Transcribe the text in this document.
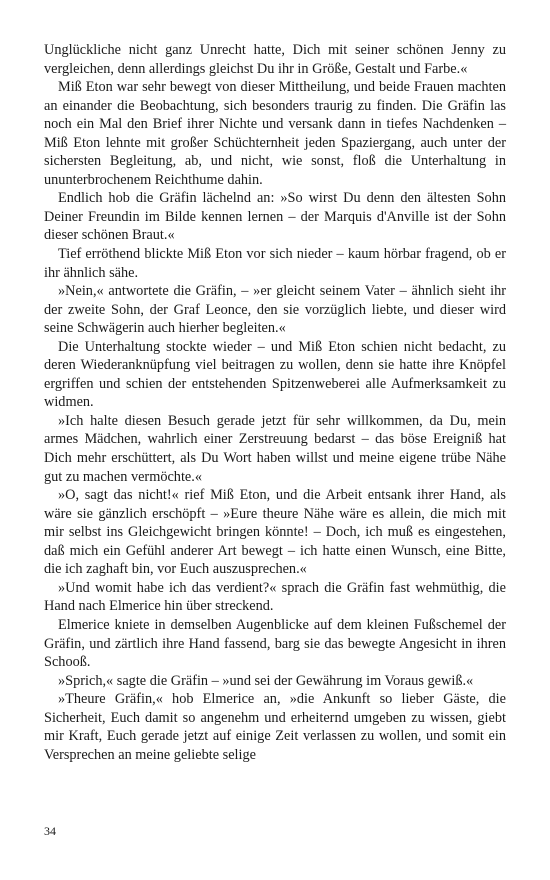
Unglückliche nicht ganz Unrecht hatte, Dich mit seiner schönen Jenny zu vergleichen, denn allerdings gleichst Du ihr in Größe, Gestalt und Farbe.«

Miß Eton war sehr bewegt von dieser Mittheilung, und beide Frauen machten an einander die Beobachtung, sich besonders traurig zu finden. Die Gräfin las noch ein Mal den Brief ihrer Nichte und versank dann in tiefes Nachdenken – Miß Eton lehnte mit großer Schüchternheit jeden Spaziergang, auch unter der sichersten Begleitung, ab, und nicht, wie sonst, floß die Unterhaltung in ununterbrochenem Reichthume dahin.

Endlich hob die Gräfin lächelnd an: »So wirst Du denn den ältesten Sohn Deiner Freundin im Bilde kennen lernen – der Marquis d'Anville ist der Sohn dieser schönen Braut.«

Tief erröthend blickte Miß Eton vor sich nieder – kaum hörbar fragend, ob er ihr ähnlich sähe.

»Nein,« antwortete die Gräfin, – »er gleicht seinem Vater – ähnlich sieht ihr der zweite Sohn, der Graf Leonce, den sie vorzüglich liebte, und dieser wird seine Schwägerin auch hierher begleiten.«

Die Unterhaltung stockte wieder – und Miß Eton schien nicht bedacht, zu deren Wiederanknüpfung viel beitragen zu wollen, denn sie hatte ihre Knöpfel ergriffen und schien der entstehenden Spitzenweberei alle Aufmerksamkeit zu widmen.

»Ich halte diesen Besuch gerade jetzt für sehr willkommen, da Du, mein armes Mädchen, wahrlich einer Zerstreuung bedarst – das böse Ereigniß hat Dich mehr erschüttert, als Du Wort haben willst und meine eigene trübe Nähe gut zu machen vermöchte.«

»O, sagt das nicht!« rief Miß Eton, und die Arbeit entsank ihrer Hand, als wäre sie gänzlich erschöpft – »Eure theure Nähe wäre es allein, die mich mit mir selbst ins Gleichgewicht bringen könnte! – Doch, ich muß es eingestehen, daß mich ein Gefühl anderer Art bewegt – ich hatte einen Wunsch, eine Bitte, die ich zaghaft bin, vor Euch auszusprechen.«

»Und womit habe ich das verdient?« sprach die Gräfin fast wehmüthig, die Hand nach Elmerice hin über streckend.

Elmerice kniete in demselben Augenblicke auf dem kleinen Fußschemel der Gräfin, und zärtlich ihre Hand fassend, barg sie das bewegte Angesicht in ihren Schooß.

»Sprich,« sagte die Gräfin – »und sei der Gewährung im Voraus gewiß.«

»Theure Gräfin,« hob Elmerice an, »die Ankunft so lieber Gäste, die Sicherheit, Euch damit so angenehm und erheiternd umgeben zu wissen, giebt mir Kraft, Euch gerade jetzt auf einige Zeit verlassen zu wollen, und somit ein Versprechen an meine geliebte selige

34
